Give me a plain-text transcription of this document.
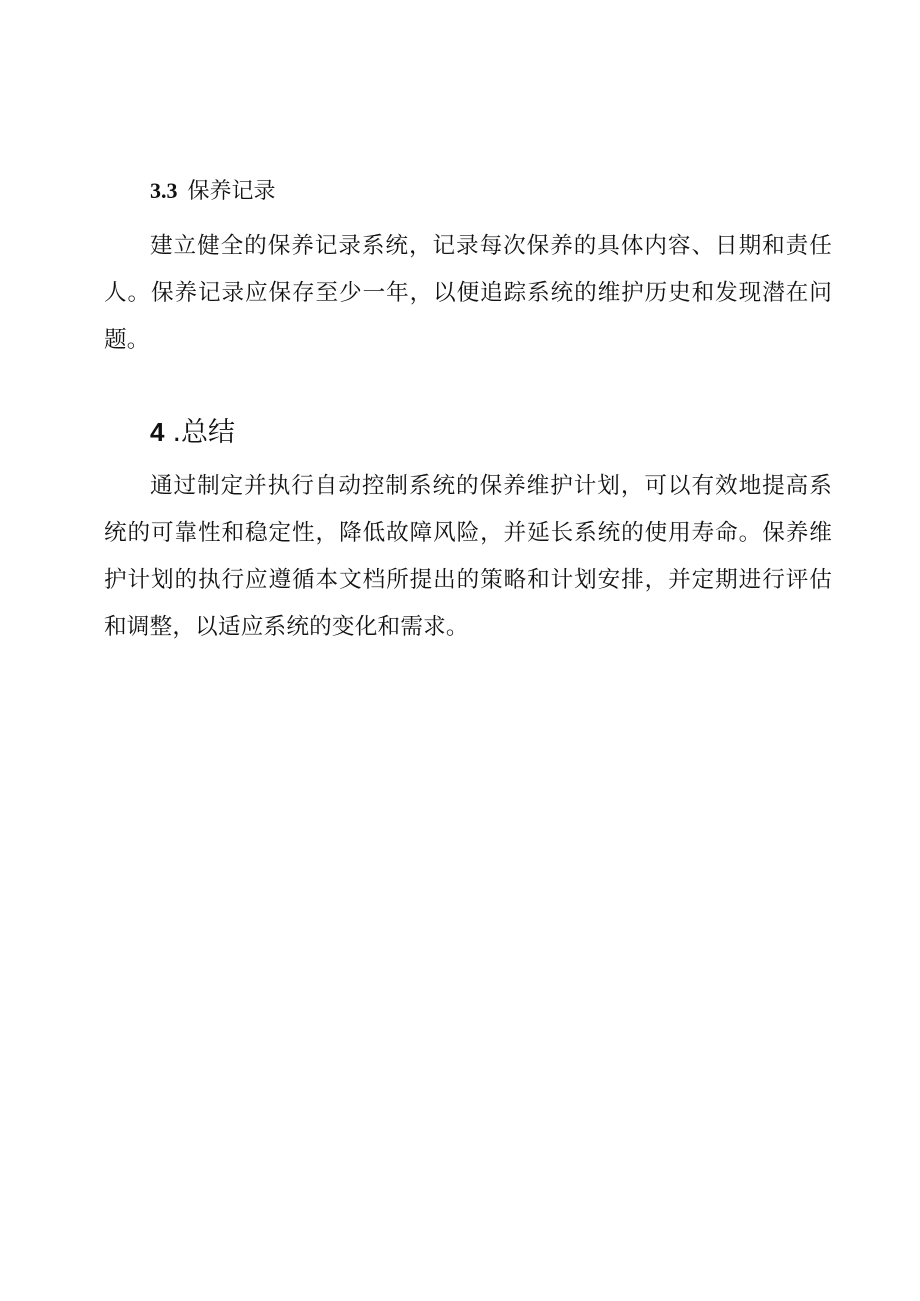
3.3 保养记录

建立健全的保养记录系统，记录每次保养的具体内容、日期和责任人。保养记录应保存至少一年，以便追踪系统的维护历史和发现潜在问题。

4 .总结

通过制定并执行自动控制系统的保养维护计划，可以有效地提高系统的可靠性和稳定性，降低故障风险，并延长系统的使用寿命。保养维护计划的执行应遵循本文档所提出的策略和计划安排，并定期进行评估和调整，以适应系统的变化和需求。
